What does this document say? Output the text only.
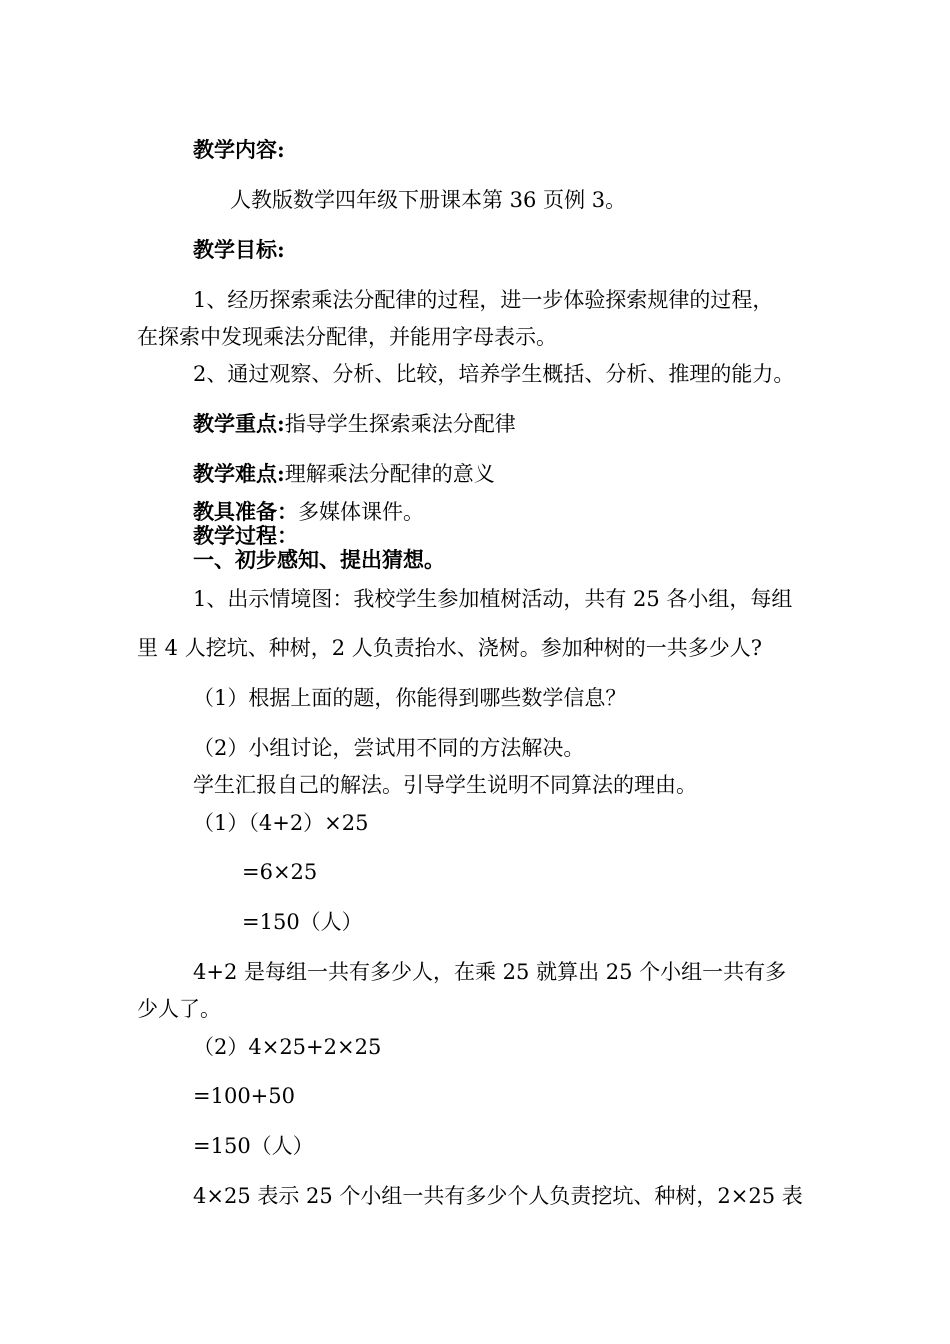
教学内容:

人教版数学四年级下册课本第 36 页例 3。

教学目标:

1、经历探索乘法分配律的过程，进一步体验探索规律的过程，

在探索中发现乘法分配律，并能用字母表示。

2、通过观察、分析、比较，培养学生概括、分析、推理的能力。

教学重点:指导学生探索乘法分配律

教学难点:理解乘法分配律的意义

教具准备：多媒体课件。

教学过程：

一、初步感知、提出猜想。

1、出示情境图：我校学生参加植树活动，共有 25 各小组，每组

里 4 人挖坑、种树，2 人负责抬水、浇树。参加种树的一共多少人?

（1）根据上面的题，你能得到哪些数学信息？

（2）小组讨论，尝试用不同的方法解决。

学生汇报自己的解法。引导学生说明不同算法的理由。

（1）（4+2）×25

=6×25

=150（人）

4+2 是每组一共有多少人，在乘 25 就算出 25 个小组一共有多

少人了。

（2）4×25+2×25

=100+50

=150（人）

4×25 表示 25 个小组一共有多少个人负责挖坑、种树，2×25 表
